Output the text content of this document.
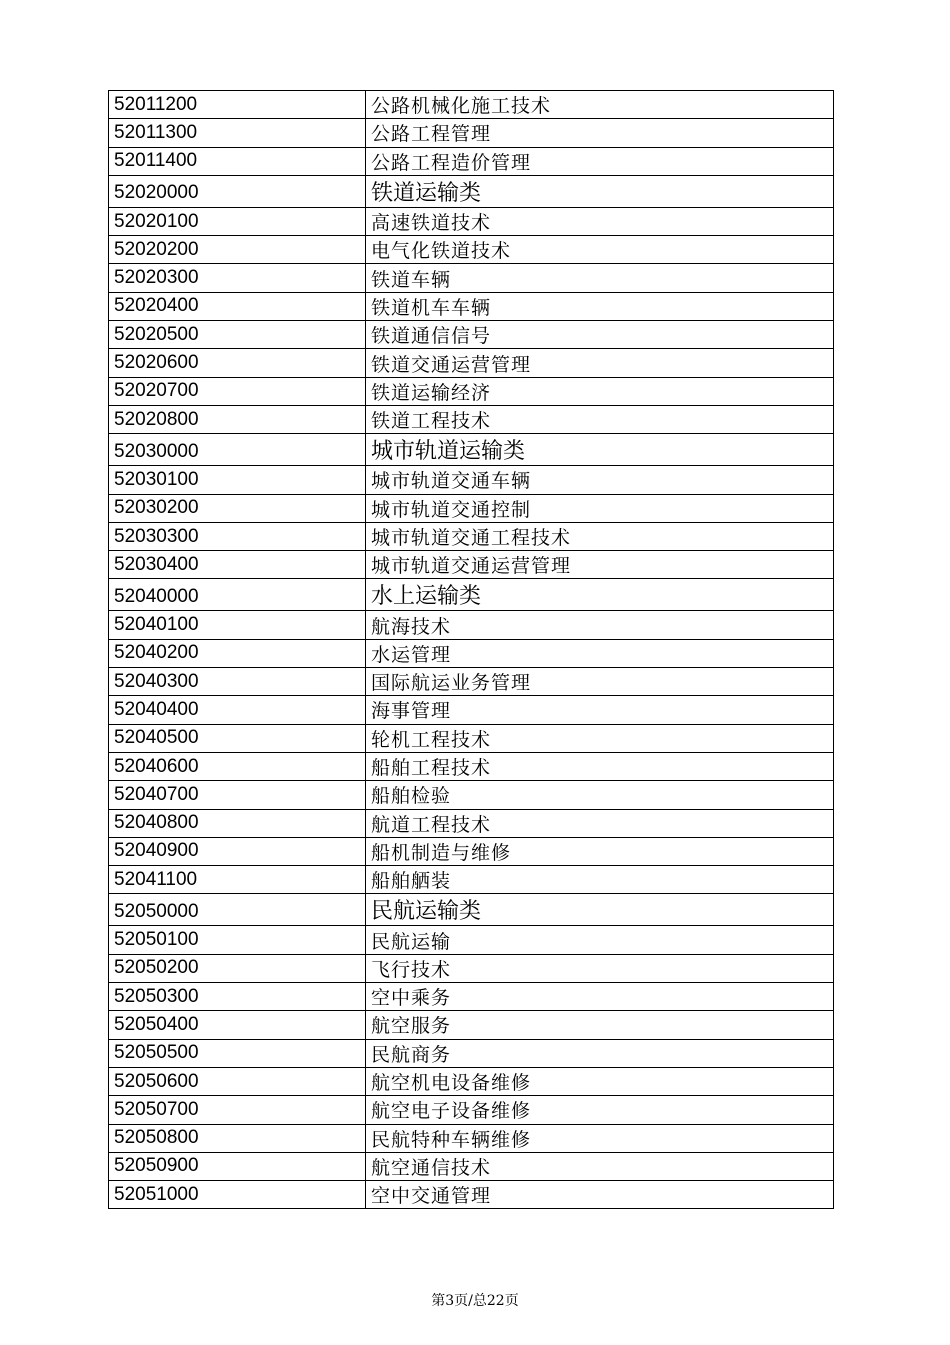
52011200	公路机械化施工技术
52011300	公路工程管理
52011400	公路工程造价管理
52020000	铁道运输类
52020100	高速铁道技术
52020200	电气化铁道技术
52020300	铁道车辆
52020400	铁道机车车辆
52020500	铁道通信信号
52020600	铁道交通运营管理
52020700	铁道运输经济
52020800	铁道工程技术
52030000	城市轨道运输类
52030100	城市轨道交通车辆
52030200	城市轨道交通控制
52030300	城市轨道交通工程技术
52030400	城市轨道交通运营管理
52040000	水上运输类
52040100	航海技术
52040200	水运管理
52040300	国际航运业务管理
52040400	海事管理
52040500	轮机工程技术
52040600	船舶工程技术
52040700	船舶检验
52040800	航道工程技术
52040900	船机制造与维修
52041100	船舶舾装
52050000	民航运输类
52050100	民航运输
52050200	飞行技术
52050300	空中乘务
52050400	航空服务
52050500	民航商务
52050600	航空机电设备维修
52050700	航空电子设备维修
52050800	民航特种车辆维修
52050900	航空通信技术
52051000	空中交通管理
第3页/总22页
